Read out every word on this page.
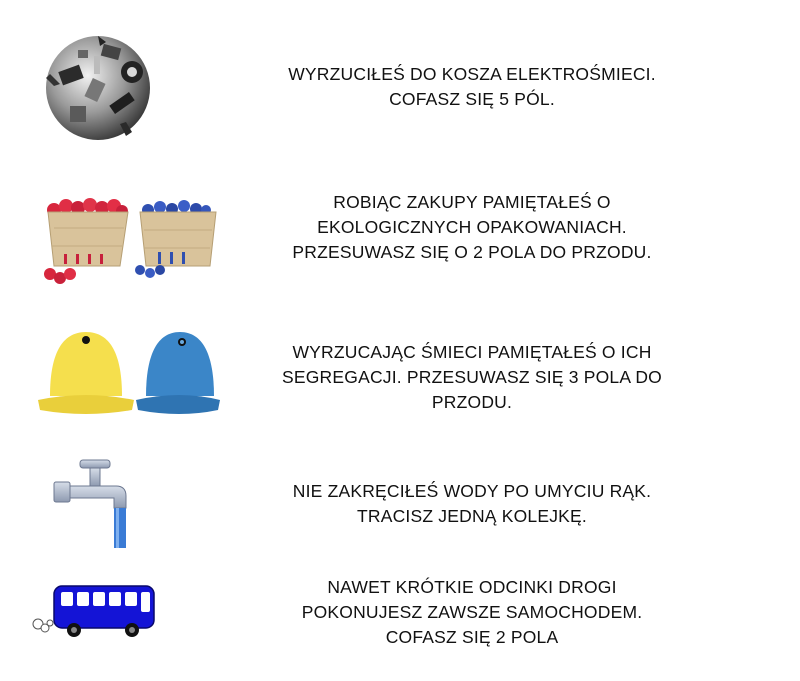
WYRZUCIŁEŚ DO KOSZA ELEKTROŚMIECI.
COFASZ SIĘ 5 PÓL.
ROBIĄC ZAKUPY PAMIĘTAŁEŚ O
EKOLOGICZNYCH OPAKOWANIACH.
PRZESUWASZ SIĘ O 2 POLA DO PRZODU.
WYRZUCAJĄC ŚMIECI PAMIĘTAŁEŚ O ICH
SEGREGACJI. PRZESUWASZ SIĘ 3 POLA DO
PRZODU.
NIE ZAKRĘCIŁEŚ WODY PO UMYCIU RĄK.
TRACISZ JEDNĄ KOLEJKĘ.
NAWET KRÓTKIE ODCINKI DROGI
POKONUJESZ ZAWSZE SAMOCHODEM.
COFASZ SIĘ 2 POLA
